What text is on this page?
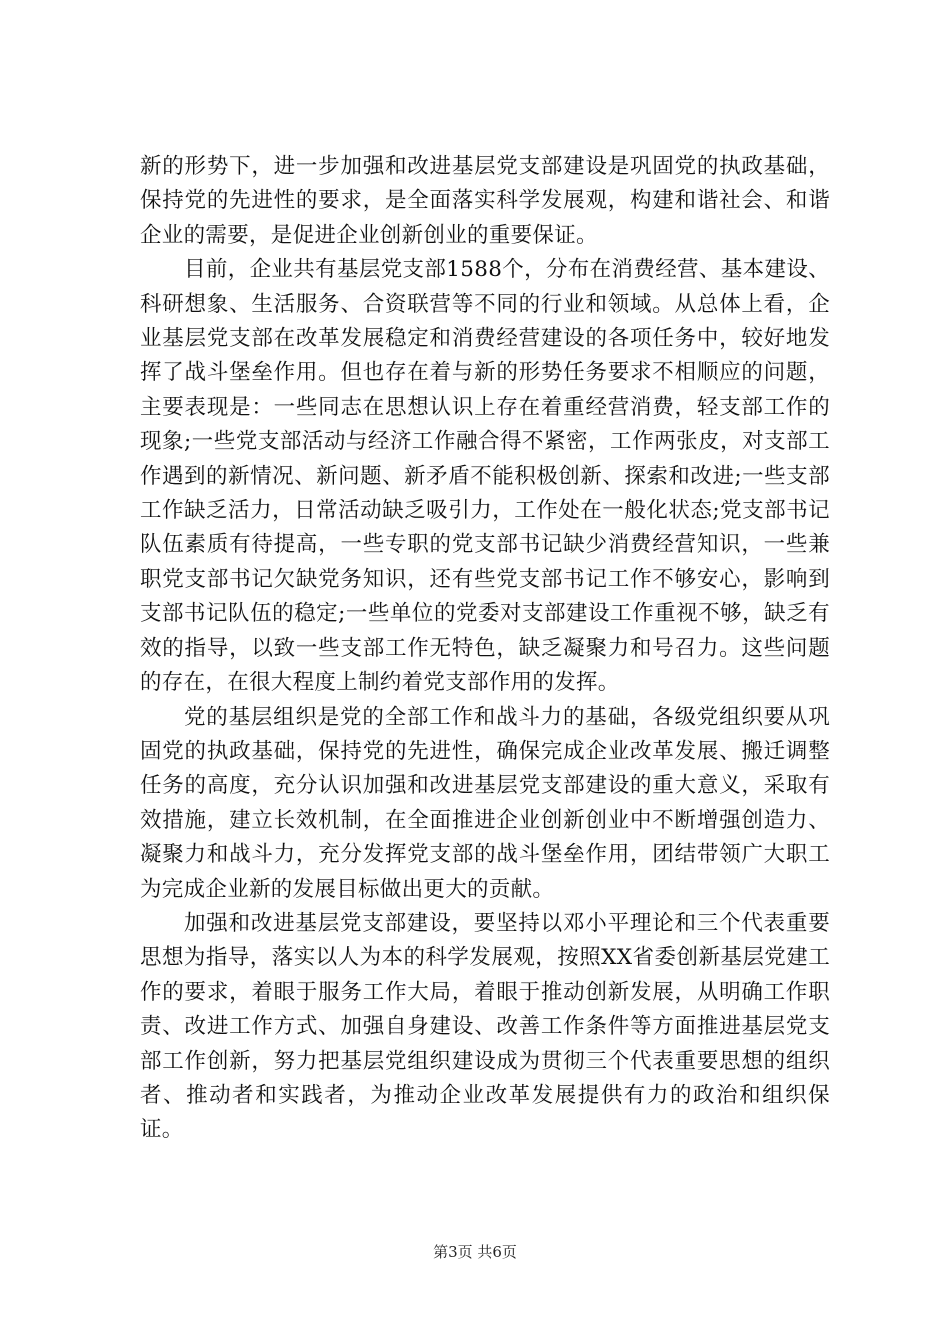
新的形势下，进一步加强和改进基层党支部建设是巩固党的执政基础，保持党的先进性的要求，是全面落实科学发展观，构建和谐社会、和谐企业的需要，是促进企业创新创业的重要保证。

目前，企业共有基层党支部1588个，分布在消费经营、基本建设、科研想象、生活服务、合资联营等不同的行业和领域。从总体上看，企业基层党支部在改革发展稳定和消费经营建设的各项任务中，较好地发挥了战斗堡垒作用。但也存在着与新的形势任务要求不相顺应的问题，主要表现是：一些同志在思想认识上存在着重经营消费，轻支部工作的现象;一些党支部活动与经济工作融合得不紧密，工作两张皮，对支部工作遇到的新情况、新问题、新矛盾不能积极创新、探索和改进;一些支部工作缺乏活力，日常活动缺乏吸引力，工作处在一般化状态;党支部书记队伍素质有待提高，一些专职的党支部书记缺少消费经营知识，一些兼职党支部书记欠缺党务知识，还有些党支部书记工作不够安心，影响到支部书记队伍的稳定;一些单位的党委对支部建设工作重视不够，缺乏有效的指导，以致一些支部工作无特色，缺乏凝聚力和号召力。这些问题的存在，在很大程度上制约着党支部作用的发挥。

党的基层组织是党的全部工作和战斗力的基础，各级党组织要从巩固党的执政基础，保持党的先进性，确保完成企业改革发展、搬迁调整任务的高度，充分认识加强和改进基层党支部建设的重大意义，采取有效措施，建立长效机制，在全面推进企业创新创业中不断增强创造力、凝聚力和战斗力，充分发挥党支部的战斗堡垒作用，团结带领广大职工为完成企业新的发展目标做出更大的贡献。

加强和改进基层党支部建设，要坚持以邓小平理论和三个代表重要思想为指导，落实以人为本的科学发展观，按照XX省委创新基层党建工作的要求，着眼于服务工作大局，着眼于推动创新发展，从明确工作职责、改进工作方式、加强自身建设、改善工作条件等方面推进基层党支部工作创新，努力把基层党组织建设成为贯彻三个代表重要思想的组织者、推动者和实践者，为推动企业改革发展提供有力的政治和组织保证。

第3页 共6页
